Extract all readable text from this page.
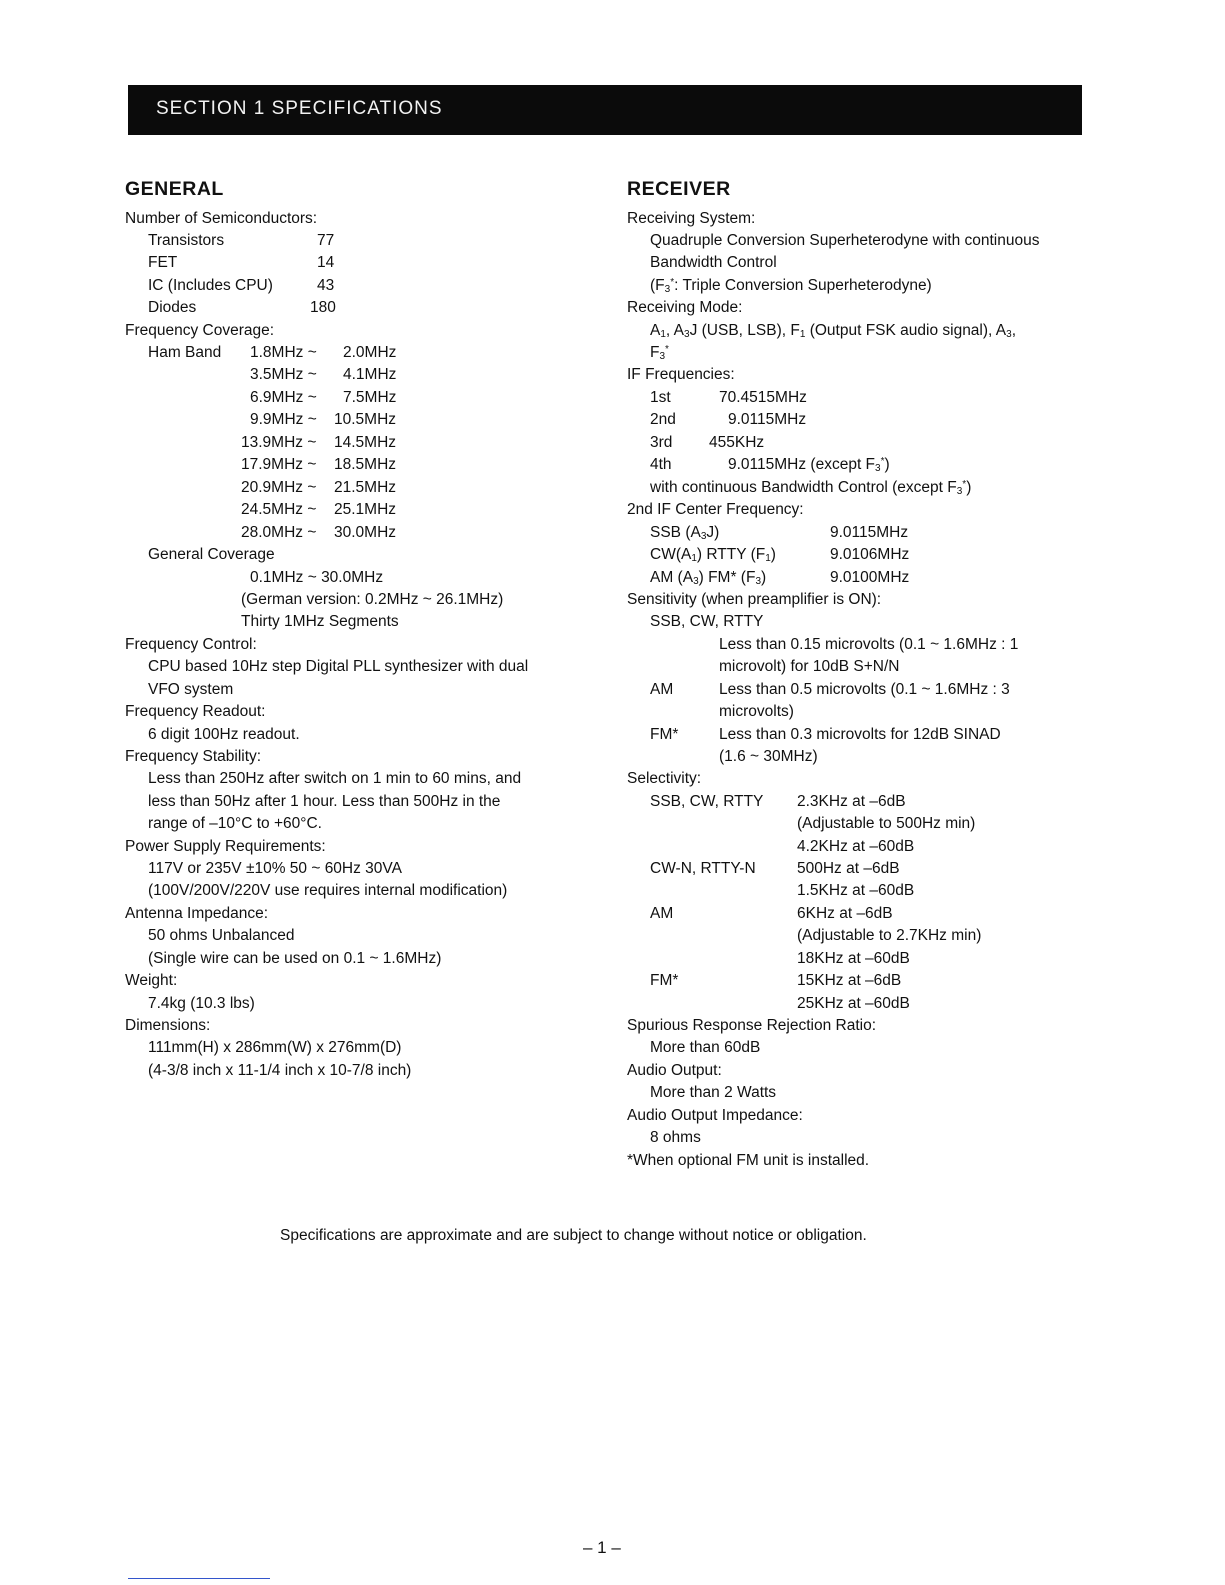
SECTION 1 SPECIFICATIONS
GENERAL
Number of Semiconductors:
Transistors	77
FET	14
IC (Includes CPU)	43
Diodes	180
Frequency Coverage:
Ham Band 1.8MHz ~ 2.0MHz
3.5MHz ~ 4.1MHz
6.9MHz ~ 7.5MHz
9.9MHz ~ 10.5MHz
13.9MHz ~ 14.5MHz
17.9MHz ~ 18.5MHz
20.9MHz ~ 21.5MHz
24.5MHz ~ 25.1MHz
28.0MHz ~ 30.0MHz
General Coverage
0.1MHz ~ 30.0MHz
(German version: 0.2MHz ~ 26.1MHz)
Thirty 1MHz Segments
Frequency Control:
CPU based 10Hz step Digital PLL synthesizer with dual
VFO system
Frequency Readout:
6 digit 100Hz readout.
Frequency Stability:
Less than 250Hz after switch on 1 min to 60 mins, and
less than 50Hz after 1 hour. Less than 500Hz in the
range of –10°C to +60°C.
Power Supply Requirements:
117V or 235V ±10% 50 ~ 60Hz 30VA
(100V/200V/220V use requires internal modification)
Antenna Impedance:
50 ohms Unbalanced
(Single wire can be used on 0.1 ~ 1.6MHz)
Weight:
7.4kg (10.3 lbs)
Dimensions:
111mm(H) x 286mm(W) x 276mm(D)
(4-3/8 inch x 11-1/4 inch x 10-7/8 inch)
RECEIVER
Receiving System:
Quadruple Conversion Superheterodyne with continuous
Bandwidth Control
($F_3^*$: Triple Conversion Superheterodyne)
Receiving Mode:
$A_1$, $A_3J$ (USB, LSB), $F_1$ (Output FSK audio signal), $A_3$,
$F_3^*$
IF Frequencies:
1st	70.4515MHz
2nd	9.0115MHz
3rd 455KHz
4th	9.0115MHz (except $F_3^*$)
with continuous Bandwidth Control (except $F_3^*$)
2nd IF Center Frequency:
SSB $(A_3J)$	9.0115MHz
$CW(A_1)$ RTTY $(F_1)$	9.0106MHz
AM $(A_3)$ FM* $(F_3)$	9.0100MHz
Sensitivity (when preamplifier is ON):
SSB, CW, RTTY
Less than 0.15 microvolts (0.1 ~ 1.6MHz : 1
microvolt) for 10dB S+N/N
AM	Less than 0.5 microvolts (0.1 ~ 1.6MHz : 3
microvolts)
FM*	Less than 0.3 microvolts for 12dB SINAD
(1.6 ~ 30MHz)
Selectivity:
SSB, CW, RTTY 2.3KHz at –6dB
(Adjustable to 500Hz min)
4.2KHz at –60dB
CW-N, RTTY-N	500Hz at –6dB
1.5KHz at –60dB
AM	6KHz at –6dB
(Adjustable to 2.7KHz min)
18KHz at –60dB
FM*	15KHz at –6dB
25KHz at –60dB
Spurious Response Rejection Ratio:
More than 60dB
Audio Output:
More than 2 Watts
Audio Output Impedance:
8 ohms
*When optional FM unit is installed.
Specifications are approximate and are subject to change without notice or obligation.
– 1 –
